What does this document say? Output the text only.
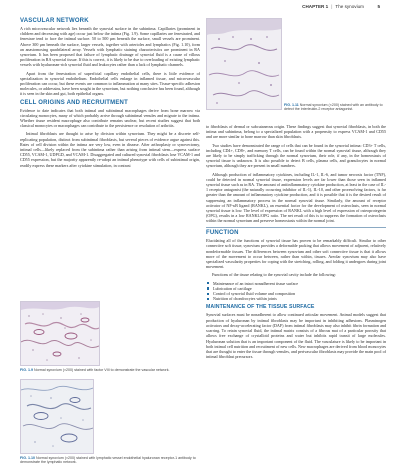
CHAPTER 1 | The synovium	5
VASCULAR NETWORK

A rich microvascular network lies beneath the synovial surface in the subintima. Capillaries (prominent in children and decreasing with age) occur just below the intima (Fig. 1.9). Some capillaries are fenestrated, and fenestrae tend to face the intimal surface. 50 to 500 µm beneath the surface, small vessels are prominent. Above 300 µm beneath the surface, larger vessels, together with arterioles and lymphatics (Fig. 1.10), form an anastomosing quadrilateral array. Vessels with lymphatic staining characteristics are prominent in RA synovium. It has been proposed that failure of lymphatic drainage of synovial fluid is a cause of villous proliferation in RA synovial tissue. If this is correct, it is likely to be due to overloading of existing lymphatic vessels with hyaluronan-rich synovial fluid and leukocytes rather than a lack of lymphatic channels.

Apart from the fenestration of superficial capillary endothelial cells, there is little evidence of specialization in synovial endothelium. Endothelial cells enlarge in inflamed tissue, and microvascular proliferation can occur, but these events are common to inflammation at many sites. Tissue-specific adhesion molecules, or addressins, have been sought in the synovium, but nothing conclusive has been found, although it is seen in the skin and gut, both epithelial organs.

CELL ORIGINS AND RECRUITMENT

Evidence to date indicates that both intimal and subintimal macrophages derive from bone marrow via circulating monocytes, many of which probably arrive through subintimal venules and migrate to the intima. Whether tissue resident macrophage also contribute remains unclear, but recent studies suggest that both classical monocytes or macrophages can contribute to the persistence or resolution of arthritis.

Intimal fibroblasts are thought to arise by division within synovium. They might be a discrete self-replicating population, distinct from subintimal fibroblasts, but several pieces of evidence argue against this. Rates of cell division within the intima are very low, even in disease. After arthroplasty or synovectomy, intimal cells—likely replaced from the subintima rather than arising from intimal stem—express surface CD55, VCAM-1, UDPGD, and VCAM-1. Disaggregated and cultured synovial fibroblasts lose VCAM-1 and CD55 expression, but the majority apparently re-adopt an intimal phenotype with cells of subintimal origin, readily express these markers after cytokine stimulation, in contrast

FIG. 1.9 Normal synovium (×200) stained with factor VIII to demonstrate the vascular network.
FIG. 1.10 Normal synovium (×200) stained with lymphatic vessel endothelial hyaluronan receptor-1 antibody to demonstrate the lymphatic network.
FIG. 1.11 Normal synovium (×200) stained with an antibody to detect the interleukin-2 receptor antagonist.

to fibroblasts of dermal or subcutaneous origin. These findings suggest that synovial fibroblasts, in both the intima and subintima, belong to a specialized population with a propensity to express VCAM-1 and CD55 and are more similar to bone marrow than skin fibroblasts.

Two studies have demonstrated the range of cells that can be found in the synovial intima: CD3+ T cells, including CD4+, CD8+, and memory T cells, can be found within the normal synovial tissue, although they are likely to be simply trafficking through the normal synovium, their role, if any, in the homeostasis of synovial tissue is unknown. It is also possible to detect B cells, plasma cells, and granulocytes in normal synovium, although they are present in small numbers.

Although production of inflammatory cytokines, including IL-1, IL-6, and tumor necrosis factor (TNF), could be detected in normal synovial tissue, expression levels are far lower than those seen in inflamed synovial tissue such as in RA. The amount of antiinflammatory cytokine production, at least in the case of IL-1 receptor antagonist (the naturally occurring inhibitor of IL-1), IL-10, and other proresolving factors, is far greater than the amount of inflammatory cytokine production, and it is possible that it is the desired result of suppressing an inflammatory process in the normal synovial tissue. Similarly, the amount of receptor activator of NF-κB ligand (RANKL), an essential factor for the development of osteoclasts, seen in normal synovial tissue is low. The level of expression of RANKL with a high level of expression of osteoprotegerin (OPG), results in a low RANKL/OPG ratio. The net result of this is to suppress the formation of osteoclasts within the normal synovium and preserve homeostasis within the normal joint.

FUNCTION

Elucidating all of the functions of synovial tissue has proven to be remarkably difficult. Similar to other connective soft tissue, synovium provides a deformable packing that allows movement of adjacent, relatively nondeformable tissues. The differences between synovium and other soft connective tissue is that it allows more of the movement to occur between, rather than within, tissues. Areolar synovium may also have specialized vascularity properties for coping with the stretching, rolling, and folding it undergoes during joint movement.

Functions of the tissue relating to the synovial cavity include the following:

Maintenance of an intact nonadherent tissue surface
Lubrication of cartilage
Control of synovial fluid volume and composition
Nutrition of chondrocytes within joints
MAINTENANCE OF THE TISSUE SURFACE

Synovial surfaces must be nonadherent to allow continued articular movement. Animal models suggest that production of hyaluronan by intimal fibroblasts may be important in inhibiting adhesions. Plasminogen activators and decay-accelerating factor (DAF) from intimal fibroblasts may also inhibit fibrin formation and scarring. To retain synovial fluid, the intimal matrix consists of a fibrous mat of a particular porosity that allows free exchange of crystalloid proteins and water but inhibits rapid transit of large molecules. Hyaluronan solution that is an important component of the fluid. The vasculature is likely to be important in both intimal cell nutrition and recruitment of new cells. New macrophages are derived from blood monocytes that are thought to enter the tissue through venules, and perivascular fibroblasts may provide the main pool of intimal fibroblast precursors.
